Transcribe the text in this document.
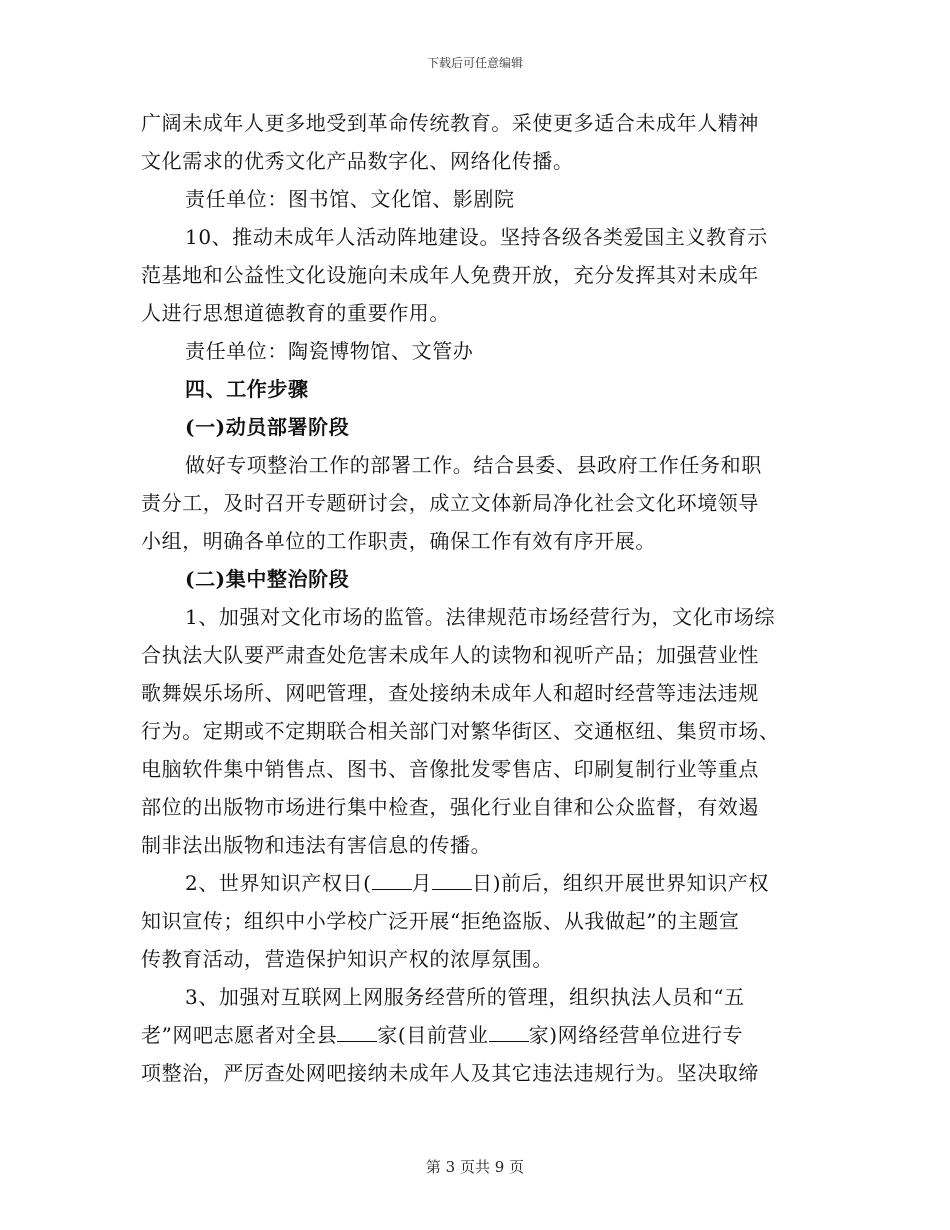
下载后可任意编辑
广阔未成年人更多地受到革命传统教育。采使更多适合未成年人精神
文化需求的优秀文化产品数字化、网络化传播。
责任单位：图书馆、文化馆、影剧院
10、推动未成年人活动阵地建设。坚持各级各类爱国主义教育示
范基地和公益性文化设施向未成年人免费开放，充分发挥其对未成年
人进行思想道德教育的重要作用。
责任单位：陶瓷博物馆、文管办
四、工作步骤
(一)动员部署阶段
做好专项整治工作的部署工作。结合县委、县政府工作任务和职
责分工，及时召开专题研讨会，成立文体新局净化社会文化环境领导
小组，明确各单位的工作职责，确保工作有效有序开展。
(二)集中整治阶段
1、加强对文化市场的监管。法律规范市场经营行为，文化市场综
合执法大队要严肃查处危害未成年人的读物和视听产品；加强营业性
歌舞娱乐场所、网吧管理，查处接纳未成年人和超时经营等违法违规
行为。定期或不定期联合相关部门对繁华街区、交通枢纽、集贸市场、
电脑软件集中销售点、图书、音像批发零售店、印刷复制行业等重点
部位的出版物市场进行集中检查，强化行业自律和公众监督，有效遏
制非法出版物和违法有害信息的传播。
2、世界知识产权日( 月 日)前后，组织开展世界知识产权
知识宣传；组织中小学校广泛开展“拒绝盗版、从我做起”的主题宣
传教育活动，营造保护知识产权的浓厚氛围。
3、加强对互联网上网服务经营所的管理，组织执法人员和“五
老”网吧志愿者对全县 家(目前营业 家)网络经营单位进行专
项整治，严厉查处网吧接纳未成年人及其它违法违规行为。坚决取缔
第 3 页共 9 页
